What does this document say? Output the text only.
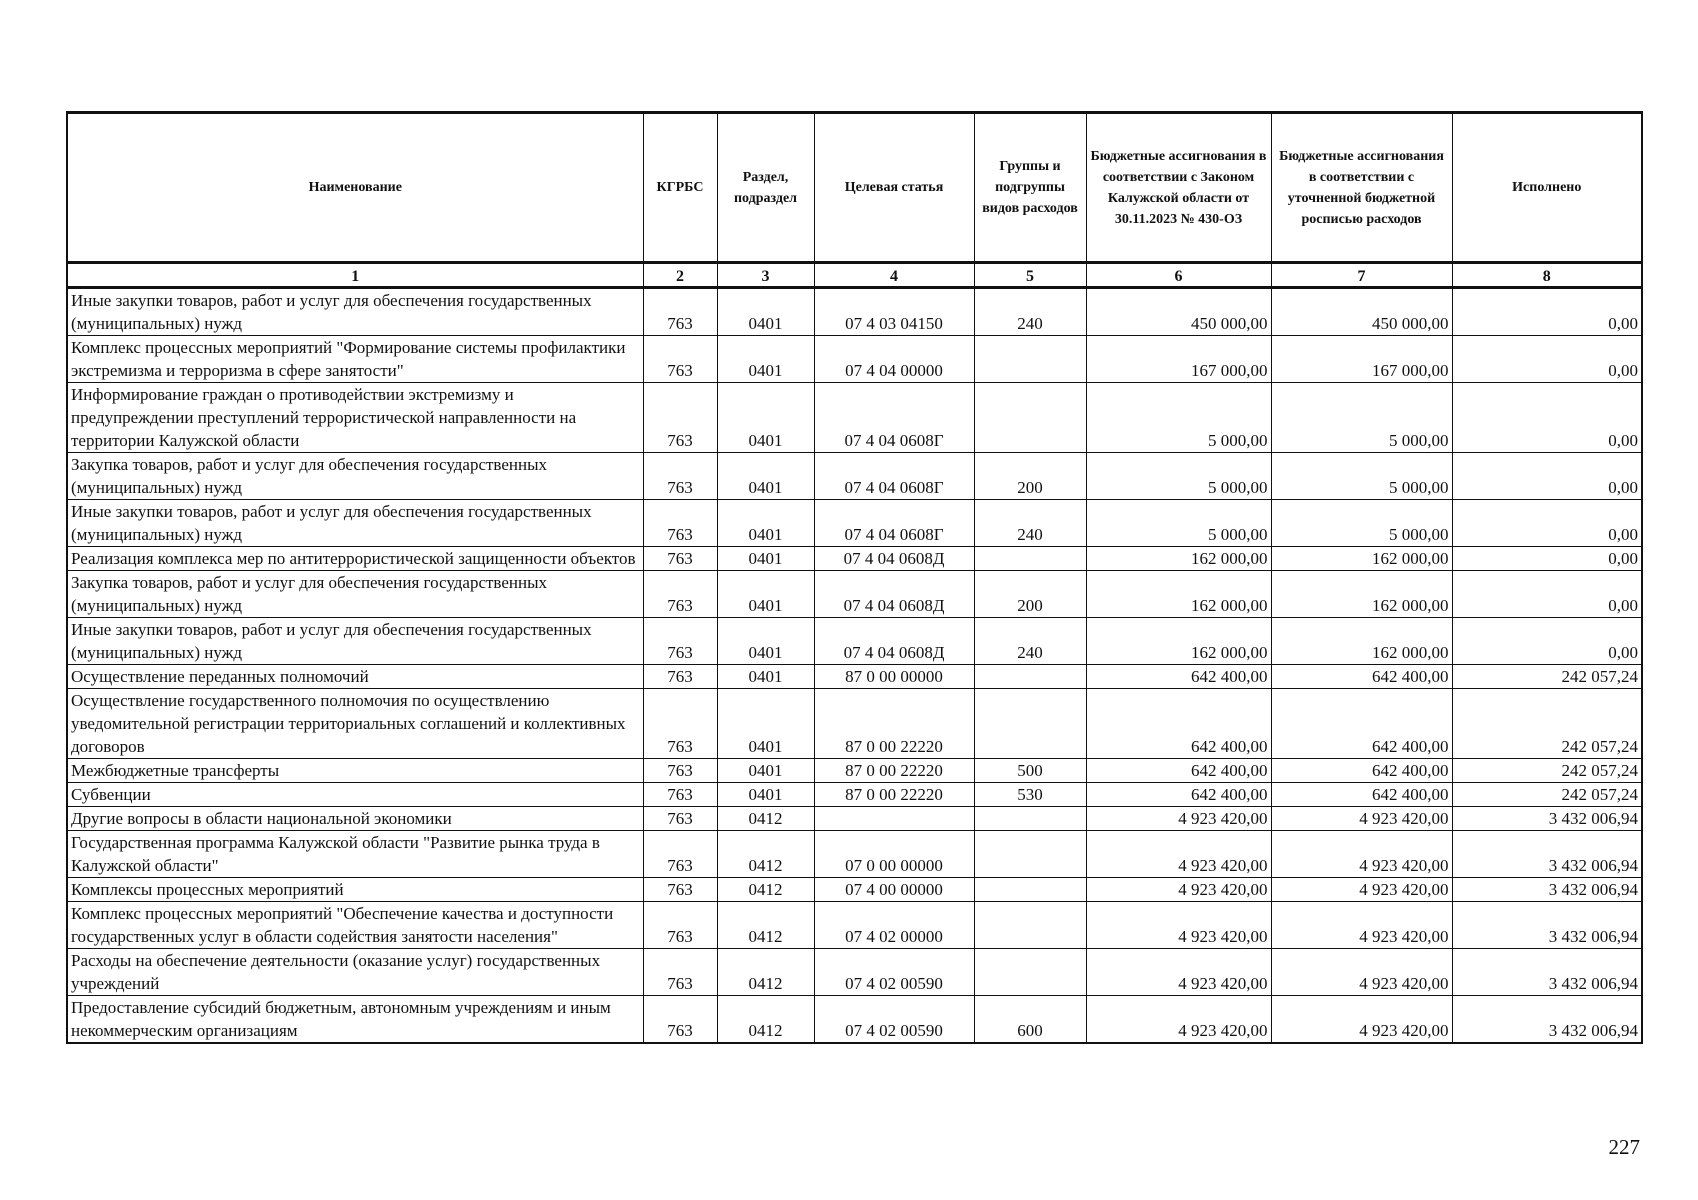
Наименование	КГРБС	Раздел, подраздел	Целевая статья	Группы и подгруппы видов расходов	Бюджетные ассигнования в соответствии с Законом Калужской области от 30.11.2023 № 430-ОЗ	Бюджетные ассигнования в соответствии с уточненной бюджетной росписью расходов	Исполнено
1	2	3	4	5	6	7	8
Иные закупки товаров, работ и услуг для обеспечения государственных (муниципальных) нужд	763	0401	07 4 03 04150	240	450 000,00	450 000,00	0,00
Комплекс процессных мероприятий "Формирование системы профилактики экстремизма и терроризма в сфере занятости"	763	0401	07 4 04 00000		167 000,00	167 000,00	0,00
Информирование граждан о противодействии экстремизму и предупреждении преступлений террористической направленности на территории Калужской области	763	0401	07 4 04 0608Г		5 000,00	5 000,00	0,00
Закупка товаров, работ и услуг для обеспечения государственных (муниципальных) нужд	763	0401	07 4 04 0608Г	200	5 000,00	5 000,00	0,00
Иные закупки товаров, работ и услуг для обеспечения государственных (муниципальных) нужд	763	0401	07 4 04 0608Г	240	5 000,00	5 000,00	0,00
Реализация комплекса мер по антитеррористической защищенности объектов	763	0401	07 4 04 0608Д		162 000,00	162 000,00	0,00
Закупка товаров, работ и услуг для обеспечения государственных (муниципальных) нужд	763	0401	07 4 04 0608Д	200	162 000,00	162 000,00	0,00
Иные закупки товаров, работ и услуг для обеспечения государственных (муниципальных) нужд	763	0401	07 4 04 0608Д	240	162 000,00	162 000,00	0,00
Осуществление переданных полномочий	763	0401	87 0 00 00000		642 400,00	642 400,00	242 057,24
Осуществление государственного полномочия по осуществлению уведомительной регистрации территориальных соглашений и коллективных договоров	763	0401	87 0 00 22220		642 400,00	642 400,00	242 057,24
Межбюджетные трансферты	763	0401	87 0 00 22220	500	642 400,00	642 400,00	242 057,24
Субвенции	763	0401	87 0 00 22220	530	642 400,00	642 400,00	242 057,24
Другие вопросы в области национальной экономики	763	0412			4 923 420,00	4 923 420,00	3 432 006,94
Государственная программа Калужской области "Развитие рынка труда в Калужской области"	763	0412	07 0 00 00000		4 923 420,00	4 923 420,00	3 432 006,94
Комплексы процессных мероприятий	763	0412	07 4 00 00000		4 923 420,00	4 923 420,00	3 432 006,94
Комплекс процессных мероприятий "Обеспечение качества и доступности государственных услуг в области содействия занятости населения"	763	0412	07 4 02 00000		4 923 420,00	4 923 420,00	3 432 006,94
Расходы на обеспечение деятельности (оказание услуг) государственных учреждений	763	0412	07 4 02 00590		4 923 420,00	4 923 420,00	3 432 006,94
Предоставление субсидий бюджетным, автономным учреждениям и иным некоммерческим организациям	763	0412	07 4 02 00590	600	4 923 420,00	4 923 420,00	3 432 006,94
227
